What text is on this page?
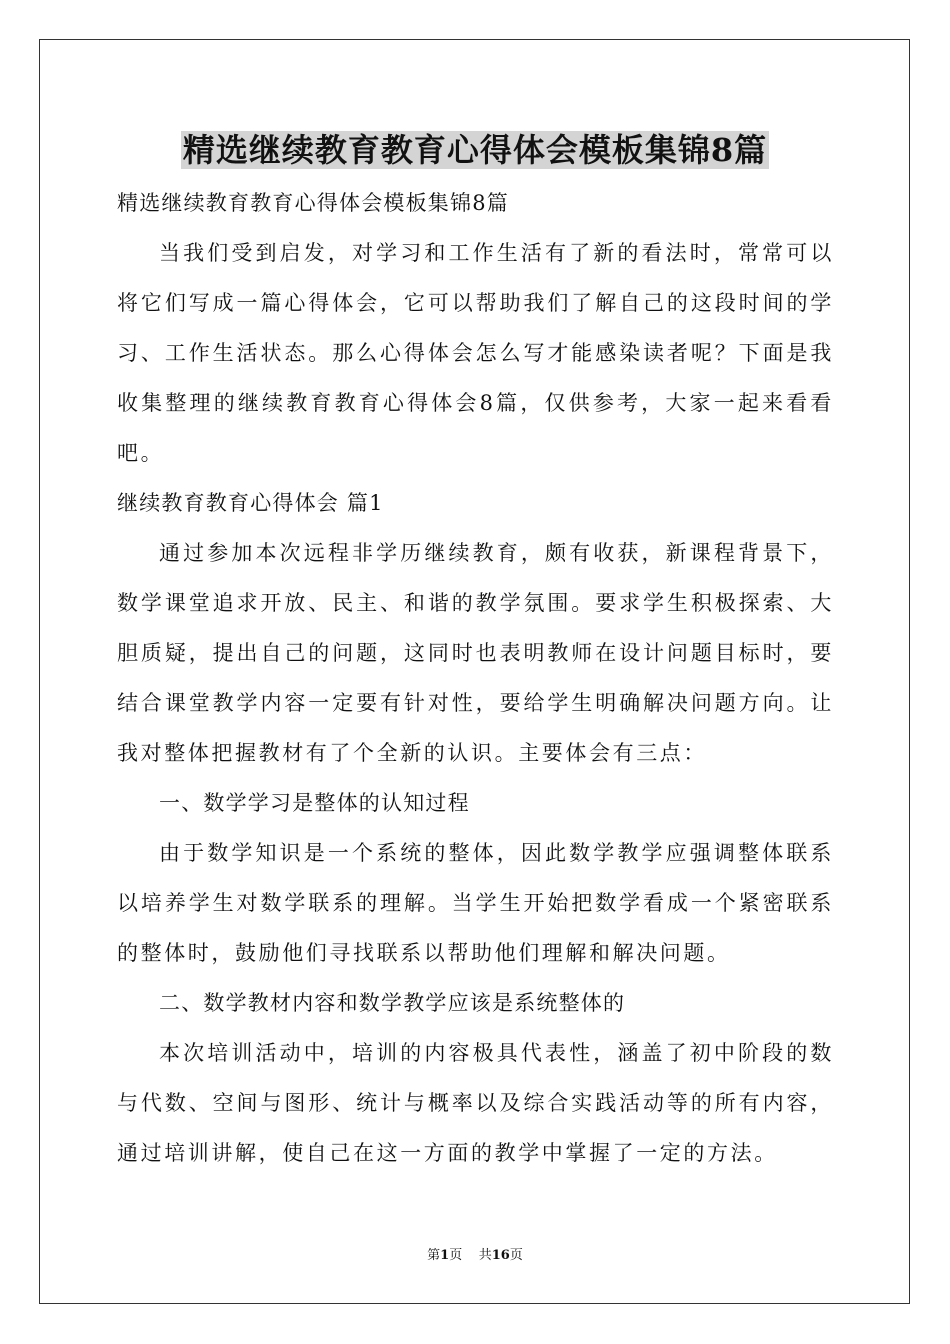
精选继续教育教育心得体会模板集锦8篇
精选继续教育教育心得体会模板集锦8篇

当我们受到启发，对学习和工作生活有了新的看法时，常常可以将它们写成一篇心得体会，它可以帮助我们了解自己的这段时间的学习、工作生活状态。那么心得体会怎么写才能感染读者呢？下面是我收集整理的继续教育教育心得体会8篇，仅供参考，大家一起来看看吧。

继续教育教育心得体会 篇1

通过参加本次远程非学历继续教育，颇有收获，新课程背景下，数学课堂追求开放、民主、和谐的教学氛围。要求学生积极探索、大胆质疑，提出自己的问题，这同时也表明教师在设计问题目标时，要结合课堂教学内容一定要有针对性，要给学生明确解决问题方向。让我对整体把握教材有了个全新的认识。主要体会有三点：

一、数学学习是整体的认知过程

由于数学知识是一个系统的整体，因此数学教学应强调整体联系以培养学生对数学联系的理解。当学生开始把数学看成一个紧密联系的整体时，鼓励他们寻找联系以帮助他们理解和解决问题。

二、数学教材内容和数学教学应该是系统整体的

本次培训活动中，培训的内容极具代表性，涵盖了初中阶段的数与代数、空间与图形、统计与概率以及综合实践活动等的所有内容，通过培训讲解，使自己在这一方面的教学中掌握了一定的方法。

第1页    共16页
